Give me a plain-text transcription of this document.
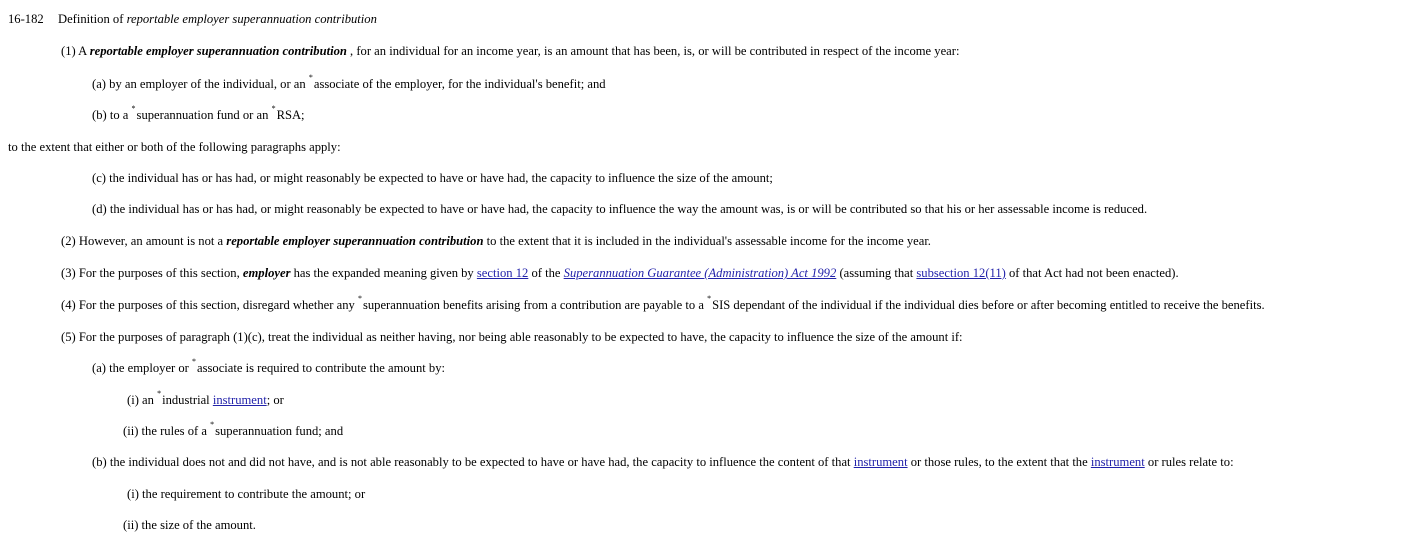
16-182 Definition of reportable employer superannuation contribution
(1) A reportable employer superannuation contribution , for an individual for an income year, is an amount that has been, is, or will be contributed in respect of the income year:
(a) by an employer of the individual, or an *associate of the employer, for the individual's benefit; and
(b) to a *superannuation fund or an *RSA;
to the extent that either or both of the following paragraphs apply:
(c) the individual has or has had, or might reasonably be expected to have or have had, the capacity to influence the size of the amount;
(d) the individual has or has had, or might reasonably be expected to have or have had, the capacity to influence the way the amount was, is or will be contributed so that his or her assessable income is reduced.
(2) However, an amount is not a reportable employer superannuation contribution to the extent that it is included in the individual's assessable income for the income year.
(3) For the purposes of this section, employer has the expanded meaning given by section 12 of the Superannuation Guarantee (Administration) Act 1992 (assuming that subsection 12(11) of that Act had not been enacted).
(4) For the purposes of this section, disregard whether any *superannuation benefits arising from a contribution are payable to a *SIS dependant of the individual if the individual dies before or after becoming entitled to receive the benefits.
(5) For the purposes of paragraph (1)(c), treat the individual as neither having, nor being able reasonably to be expected to have, the capacity to influence the size of the amount if:
(a) the employer or *associate is required to contribute the amount by:
(i) an *industrial instrument; or
(ii) the rules of a *superannuation fund; and
(b) the individual does not and did not have, and is not able reasonably to be expected to have or have had, the capacity to influence the content of that instrument or those rules, to the extent that the instrument or rules relate to:
(i) the requirement to contribute the amount; or
(ii) the size of the amount.
